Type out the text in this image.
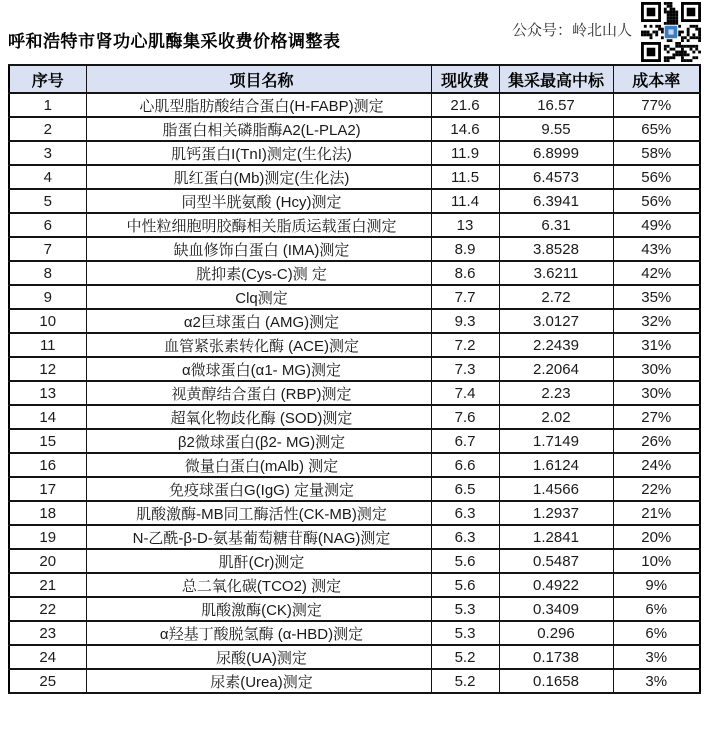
呼和浩特市肾功心肌酶集采收费价格调整表
公众号：岭北山人
序号	项目名称	现收费	集采最高中标	成本率
1	心肌型脂肪酸结合蛋白(H-FABP)测定	21.6	16.57	77%
2	脂蛋白相关磷脂酶A2(L-PLA2)	14.6	9.55	65%
3	肌钙蛋白I(TnI)测定(生化法)	11.9	6.8999	58%
4	肌红蛋白(Mb)测定(生化法)	11.5	6.4573	56%
5	同型半胱氨酸 (Hcy)测定	11.4	6.3941	56%
6	中性粒细胞明胶酶相关脂质运载蛋白测定	13	6.31	49%
7	缺血修饰白蛋白 (IMA)测定	8.9	3.8528	43%
8	胱抑素(Cys-C)测 定	8.6	3.6211	42%
9	Clq测定	7.7	2.72	35%
10	α2巨球蛋白 (AMG)测定	9.3	3.0127	32%
11	血管紧张素转化酶 (ACE)测定	7.2	2.2439	31%
12	α微球蛋白(α1- MG)测定	7.3	2.2064	30%
13	视黄醇结合蛋白 (RBP)测定	7.4	2.23	30%
14	超氧化物歧化酶 (SOD)测定	7.6	2.02	27%
15	β2微球蛋白(β2- MG)测定	6.7	1.7149	26%
16	微量白蛋白(mAlb) 测定	6.6	1.6124	24%
17	免疫球蛋白G(IgG) 定量测定	6.5	1.4566	22%
18	肌酸激酶-MB同工酶活性(CK-MB)测定	6.3	1.2937	21%
19	N-乙酰-β-D-氨基葡萄糖苷酶(NAG)测定	6.3	1.2841	20%
20	肌酐(Cr)测定	5.6	0.5487	10%
21	总二氧化碳(TCO2) 测定	5.6	0.4922	9%
22	肌酸激酶(CK)测定	5.3	0.3409	6%
23	α羟基丁酸脱氢酶 (α-HBD)测定	5.3	0.296	6%
24	尿酸(UA)测定	5.2	0.1738	3%
25	尿素(Urea)测定	5.2	0.1658	3%
